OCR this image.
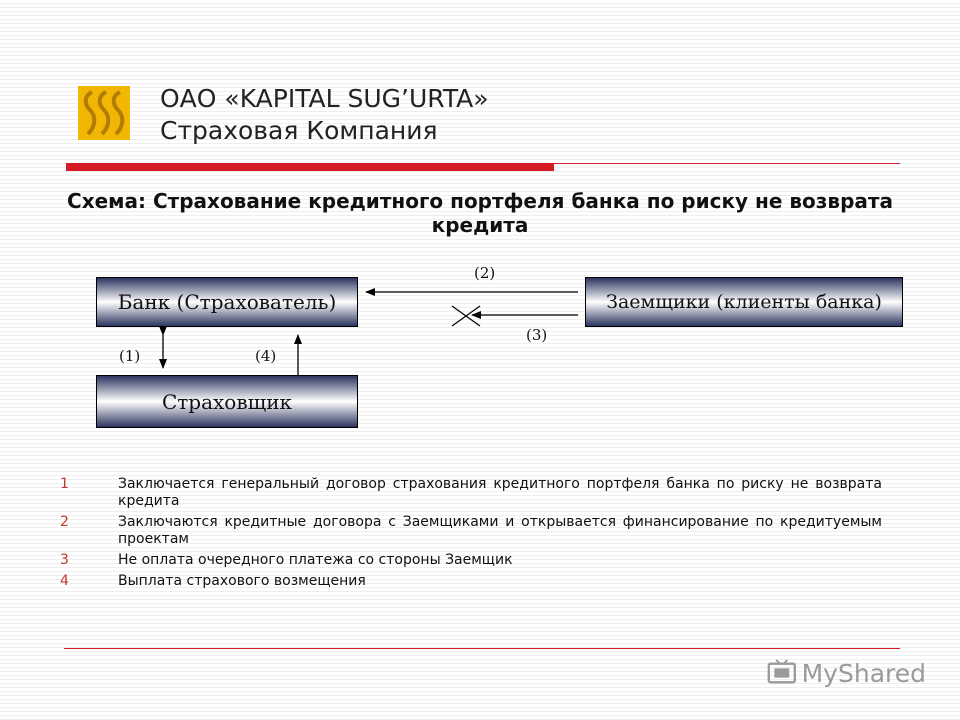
ОАО «KAPITAL SUG’URTA»
Страховая Компания
Схема: Страхование кредитного портфеля банка по риску не возврата кредита
Банк (Страхователь)	Заемщики (клиенты банка)
Страховщик
(1)	(4)
(2)
(3)
1	Заключается генеральный договор страхования кредитного портфеля банка по риску не возврата кредита
2	Заключаются кредитные договора с Заемщиками и открывается финансирование по кредитуемым проектам
3	Не оплата очередного платежа со стороны Заемщик
4	Выплата страхового возмещения
MyShared
